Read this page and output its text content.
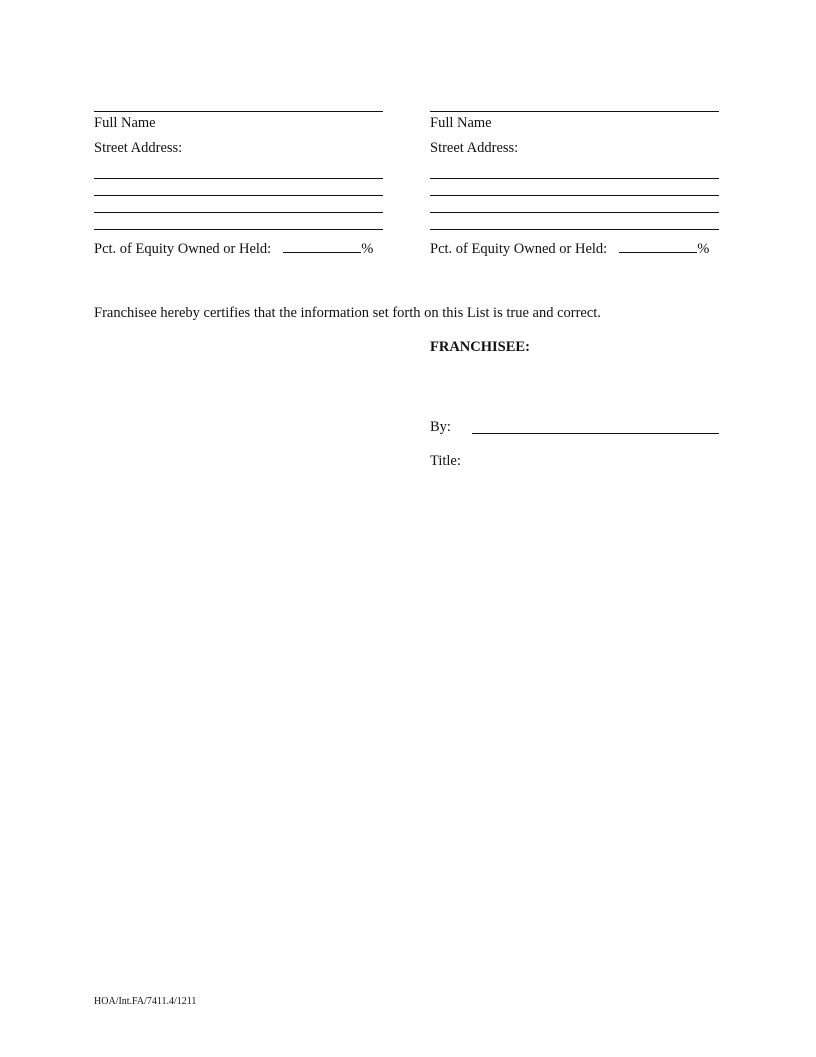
Full Name
Street Address:
Pct. of Equity Owned or Held:	%
Full Name
Street Address:
Pct. of Equity Owned or Held:	%
Franchisee hereby certifies that the information set forth on this List is true and correct.
FRANCHISEE:
By:
Title:
HOA/Int.FA/7411.4/1211
